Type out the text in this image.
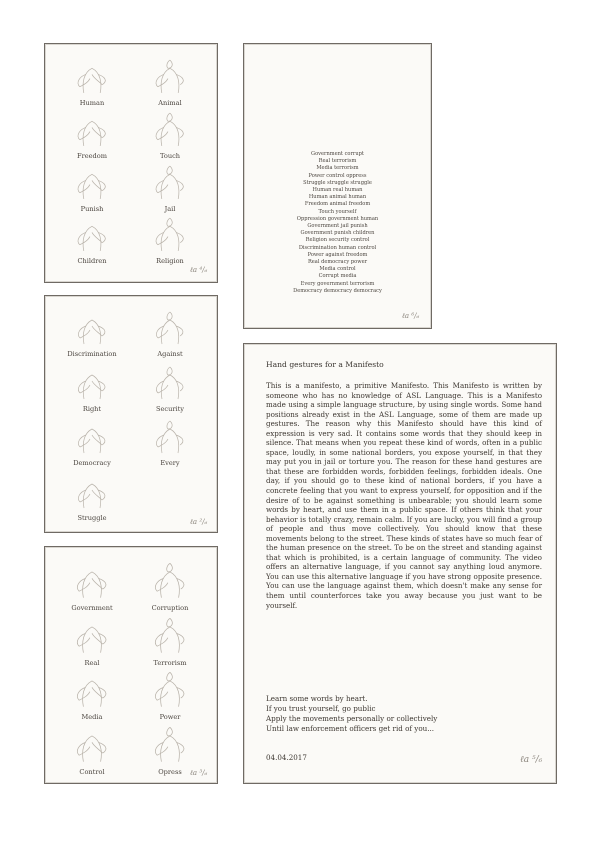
Human	Animal
Freedom	Touch
Punish	Jail
Children	Religion
ℓa ⁴/₆
Government corrupt
Real terrorism
Media terrorism
Power control oppress
Struggle struggle struggle
Human real human
Human animal human
Freedom animal freedom
Touch yourself
Oppression government human
Government jail punish
Government punish children
Religion security control
Discrimination human control
Power against freedom
Real democracy power
Media control
Corrupt media
Every government terrorism
Democracy democracy democracy
ℓa ⁶/₆
Discrimination	Against
Right	Security
Democracy	Every
Struggle	ℓa ²/₆
Government	Corruption
Real	Terrorism
Media	Power
Control	Opress	ℓa ³/₆
Hand gestures for a Manifesto
This is a manifesto, a primitive Manifesto. This Manifesto is written by someone who has no knowledge of ASL Language. This is a Manifesto made using a simple language structure, by using single words. Some hand positions already exist in the ASL Language, some of them are made up gestures. The reason why this Manifesto should have this kind of expression is very sad. It contains some words that they should keep in silence. That means when you repeat these kind of words, often in a public space, loudly, in some national borders, you expose yourself, in that they may put you in jail or torture you. The reason for these hand gestures are that these are forbidden words, forbidden feelings, forbidden ideals. One day, if you should go to these kind of national borders, if you have a concrete feeling that you want to express yourself, for opposition and if the desire of to be against something is unbearable; you should learn some words by heart, and use them in a public space. If others think that your behavior is totally crazy, remain calm. If you are lucky, you will find a group of people and thus move collectively. You should know that these movements belong to the street. These kinds of states have so much fear of the human presence on the street. To be on the street and standing against that which is prohibited, is a certain language of community. The video offers an alternative language, if you cannot say anything loud anymore. You can use this alternative language if you have strong opposite presence. You can use the language against them, which doesn't make any sense for them until counterforces take you away because you just want to be yourself.
Learn some words by heart.
If you trust yourself, go public
Apply the movements personally or collectively
Until law enforcement officers get rid of you...
04.04.2017	ℓa ⁵/₆
